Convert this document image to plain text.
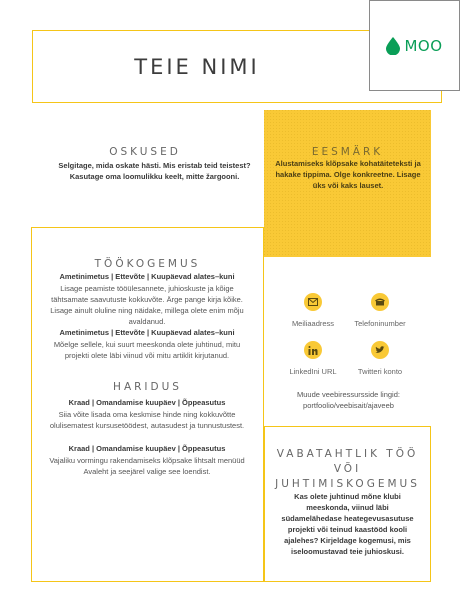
TEIE NIMI
MOO
OSKUSED
Selgitage, mida oskate hästi. Mis eristab teid teistest? Kasutage oma loomulikku keelt, mitte žargooni.
EESMÄRK
Alustamiseks klõpsake kohatäiteteksti ja hakake tippima. Olge konkreetne. Lisage üks või kaks lauset.
TÖÖKOGEMUS
Ametinimetus | Ettevõte | Kuupäevad alates–kuni
Lisage peamiste tööülesannete, juhioskuste ja kõige tähtsamate saavutuste kokkuvõte. Ärge pange kirja kõike. Lisage ainult oluline ning näidake, millega olete enim mõju avaldanud.
Ametinimetus | Ettevõte | Kuupäevad alates–kuni
Mõelge sellele, kui suurt meeskonda olete juhtinud, mitu projekti olete läbi viinud või mitu artiklit kirjutanud.
HARIDUS
Kraad | Omandamise kuupäev | Õppeasutus
Siia võite lisada oma keskmise hinde ning kokkuvõtte olulisematest kursusetöödest, autasudest ja tunnustustest.
Kraad | Omandamise kuupäev | Õppeasutus
Vajaliku vormingu rakendamiseks klõpsake lihtsalt menüüd Avaleht ja seejärel valige see loendist.
Meiliaadress	Telefoninumber
LinkedIni URL	Twitteri konto
Muude veebiressursside lingid: portfoolio/veebisait/ajaveeb
VABATAHTLIK TÖÖ VÕI JUHTIMISKOGEMUS
Kas olete juhtinud mõne klubi meeskonda, viinud läbi südamelähedase heategevusasutuse projekti või teinud kaastööd kooli ajalehes? Kirjeldage kogemusi, mis iseloomustavad teie juhioskusi.
